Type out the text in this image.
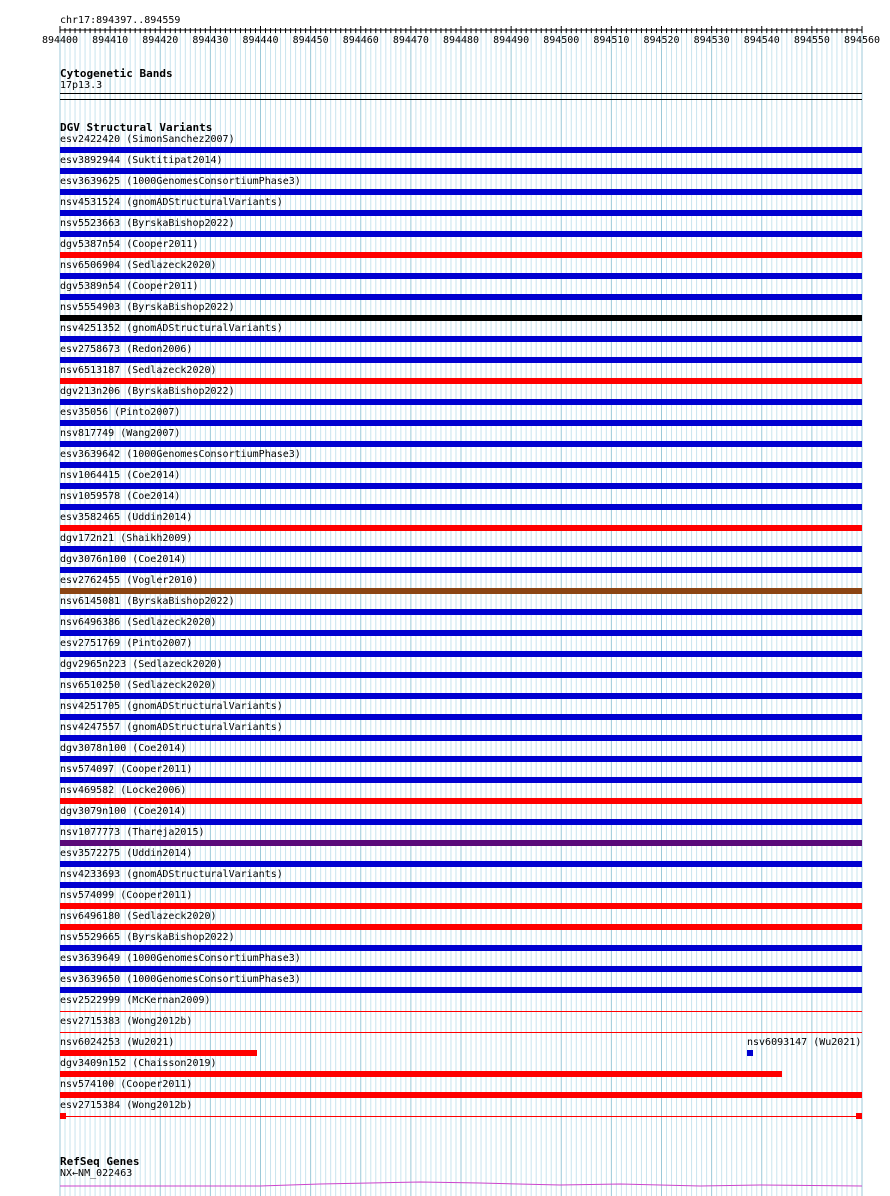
chr17:894397..894559
894400 894410 894420 894430 894440 894450 894460 894470 894480 894490 894500 894510 894520 894530 894540 894550 894560
Cytogenetic Bands
17p13.3
DGV Structural Variants
esv2422420 (SimonSanchez2007)
esv3892944 (Suktitipat2014)
esv3639625 (1000GenomesConsortiumPhase3)
nsv4531524 (gnomADStructuralVariants)
nsv5523663 (ByrskaBishop2022)
dgv5387n54 (Cooper2011)
nsv6506904 (Sedlazeck2020)
dgv5389n54 (Cooper2011)
nsv5554903 (ByrskaBishop2022)
nsv4251352 (gnomADStructuralVariants)
esv2758673 (Redon2006)
nsv6513187 (Sedlazeck2020)
dgv213n206 (ByrskaBishop2022)
esv35056 (Pinto2007)
nsv817749 (Wang2007)
esv3639642 (1000GenomesConsortiumPhase3)
nsv1064415 (Coe2014)
nsv1059578 (Coe2014)
esv3582465 (Uddin2014)
dgv172n21 (Shaikh2009)
dgv3076n100 (Coe2014)
esv2762455 (Vogler2010)
nsv6145081 (ByrskaBishop2022)
nsv6496386 (Sedlazeck2020)
esv2751769 (Pinto2007)
dgv2965n223 (Sedlazeck2020)
nsv6510250 (Sedlazeck2020)
nsv4251705 (gnomADStructuralVariants)
nsv4247557 (gnomADStructuralVariants)
dgv3078n100 (Coe2014)
nsv574097 (Cooper2011)
nsv469582 (Locke2006)
dgv3079n100 (Coe2014)
nsv1077773 (Thareja2015)
esv3572275 (Uddin2014)
nsv4233693 (gnomADStructuralVariants)
nsv574099 (Cooper2011)
nsv6496180 (Sedlazeck2020)
nsv5529665 (ByrskaBishop2022)
esv3639649 (1000GenomesConsortiumPhase3)
esv3639650 (1000GenomesConsortiumPhase3)
esv2522999 (McKernan2009)
esv2715383 (Wong2012b)
nsv6024253 (Wu2021)	nsv6093147 (Wu2021)
dgv3409n152 (Chaisson2019)
nsv574100 (Cooper2011)
esv2715384 (Wong2012b)
RefSeq Genes
NX←NM_022463
